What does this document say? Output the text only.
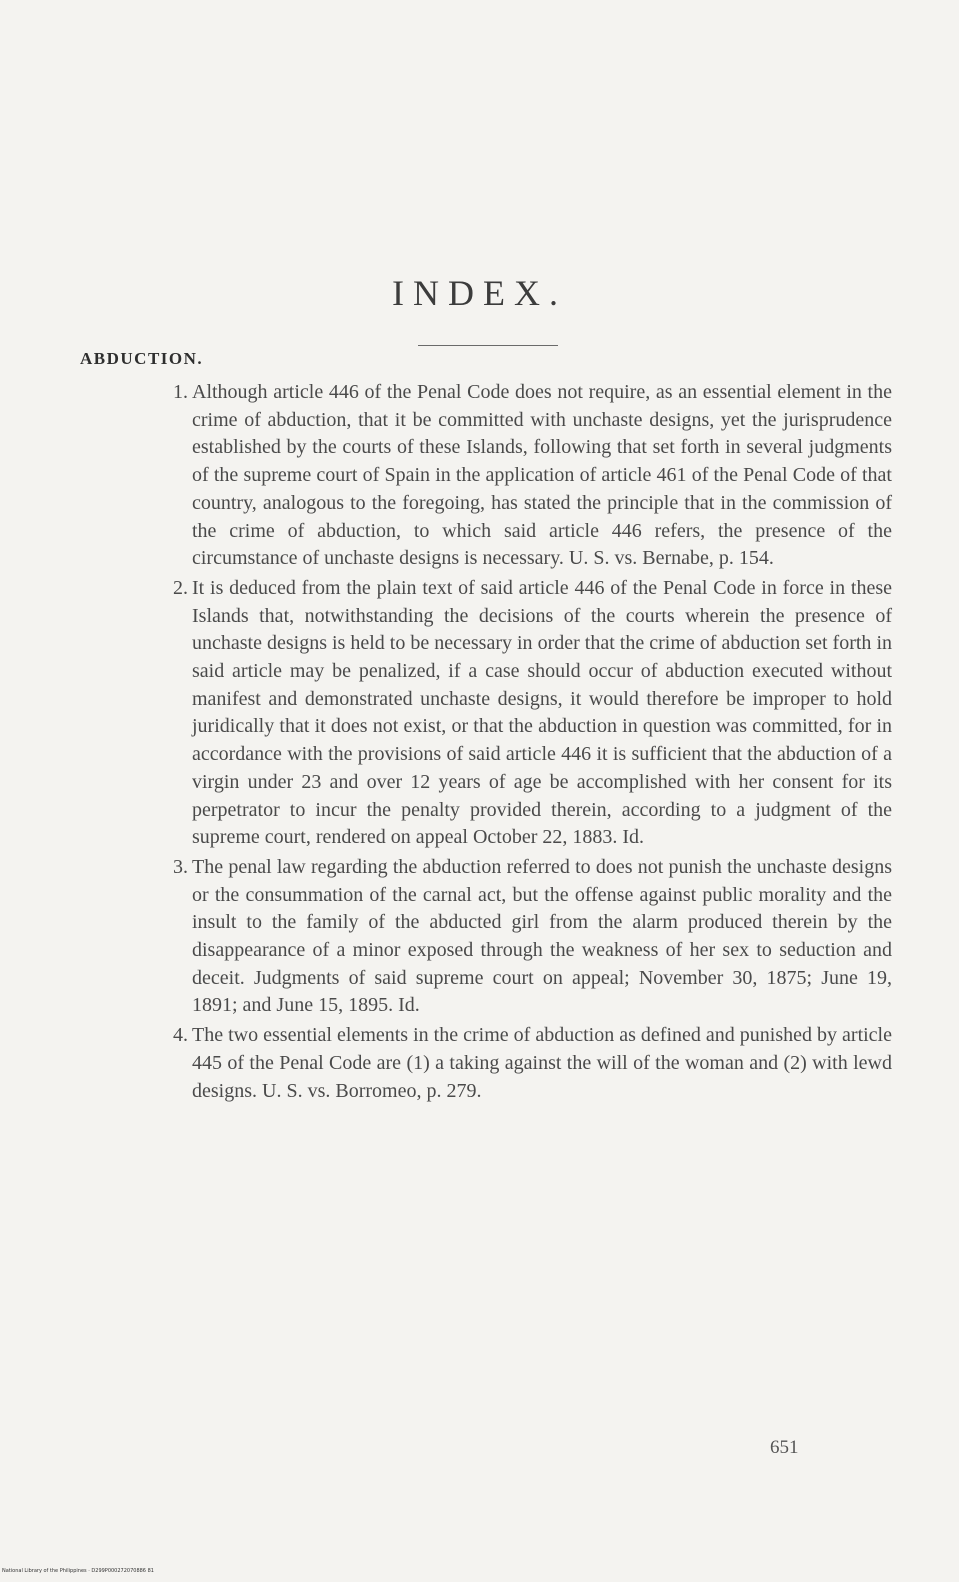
INDEX.
ABDUCTION.
1. Although article 446 of the Penal Code does not require, as an essential element in the crime of abduction, that it be committed with unchaste designs, yet the jurisprudence established by the courts of these Islands, following that set forth in several judgments of the supreme court of Spain in the application of article 461 of the Penal Code of that country, analogous to the foregoing, has stated the principle that in the commission of the crime of abduction, to which said article 446 refers, the presence of the circumstance of unchaste designs is necessary. U. S. vs. Bernabe, p. 154.
2. It is deduced from the plain text of said article 446 of the Penal Code in force in these Islands that, notwithstanding the decisions of the courts wherein the presence of unchaste designs is held to be necessary in order that the crime of abduction set forth in said article may be penalized, if a case should occur of abduction executed without manifest and demonstrated unchaste designs, it would therefore be improper to hold juridically that it does not exist, or that the abduction in question was committed, for in accordance with the provisions of said article 446 it is sufficient that the abduction of a virgin under 23 and over 12 years of age be accomplished with her consent for its perpetrator to incur the penalty provided therein, according to a judgment of the supreme court, rendered on appeal October 22, 1883. Id.
3. The penal law regarding the abduction referred to does not punish the unchaste designs or the consummation of the carnal act, but the offense against public morality and the insult to the family of the abducted girl from the alarm produced therein by the disappearance of a minor exposed through the weakness of her sex to seduction and deceit. Judgments of said supreme court on appeal; November 30, 1875; June 19, 1891; and June 15, 1895. Id.
4. The two essential elements in the crime of abduction as defined and punished by article 445 of the Penal Code are (1) a taking against the will of the woman and (2) with lewd designs. U. S. vs. Borromeo, p. 279.
651
National Library of the Philippines · D299P000272070886 81
